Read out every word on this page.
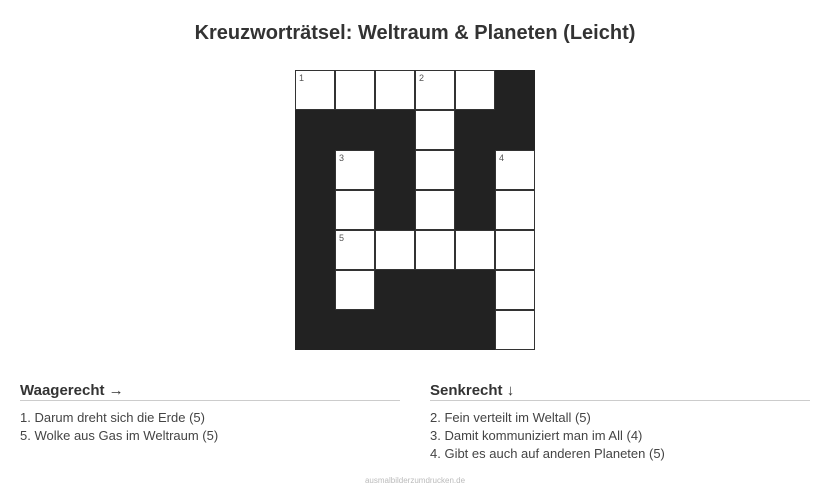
Kreuzworträtsel: Weltraum & Planeten (Leicht)
1	2
3	4
5
Waagerecht →
1. Darum dreht sich die Erde (5)
5. Wolke aus Gas im Weltraum (5)
Senkrecht ↓
2. Fein verteilt im Weltall (5)
3. Damit kommuniziert man im All (4)
4. Gibt es auch auf anderen Planeten (5)
ausmalbilderzumdrucken.de
